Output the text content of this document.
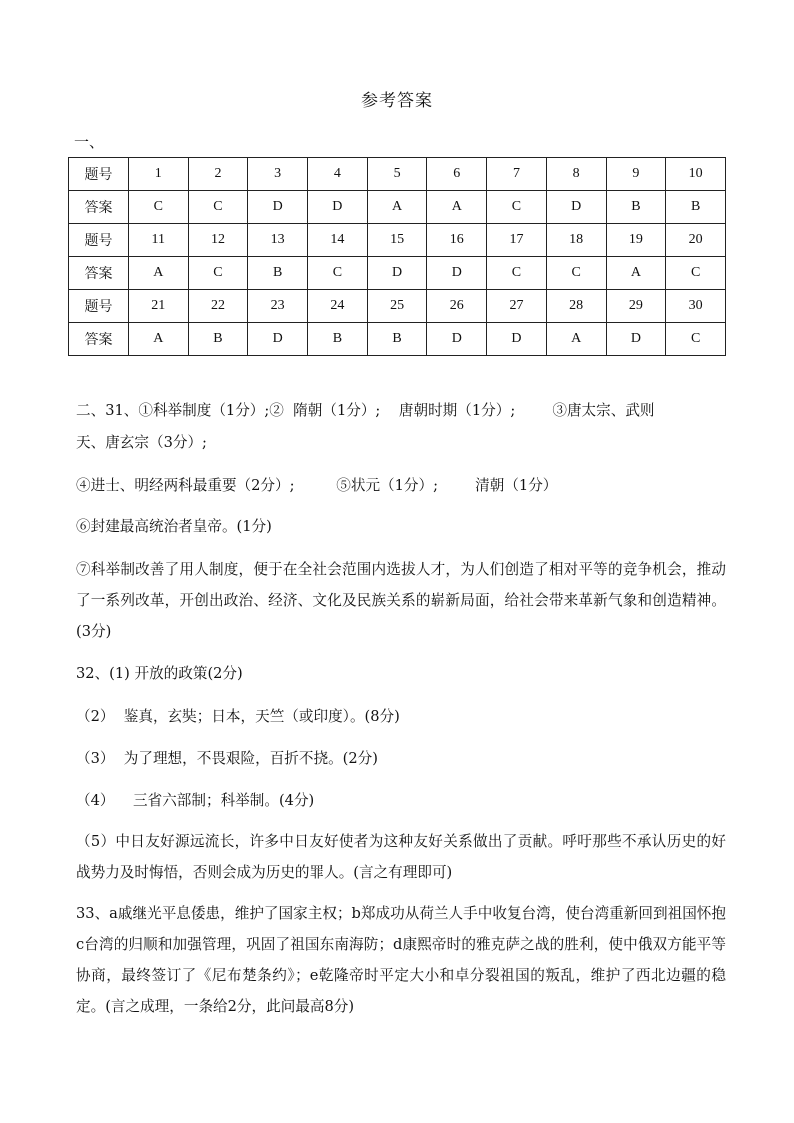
参考答案
一、
题号	1	2	3	4	5	6	7	8	9	10
答案	C	C	D	D	A	A	C	D	B	B
题号	11	12	13	14	15	16	17	18	19	20
答案	A	C	B	C	D	D	C	C	A	C
题号	21	22	23	24	25	26	27	28	29	30
答案	A	B	D	B	B	D	D	A	D	C
二、31、①科举制度（1分）;②  隋朝（1分）;    唐朝时期（1分）;        ③唐太宗、武则
天、唐玄宗（3分）;
④进士、明经两科最重要（2分）;         ⑤状元（1分）;        清朝（1分）
⑥封建最高统治者皇帝。(1分)
⑦科举制改善了用人制度，便于在全社会范围内选拔人才，为人们创造了相对平等的竞争机会，推动了一系列改革，开创出政治、经济、文化及民族关系的崭新局面，给社会带来革新气象和创造精神。(3分)
32、(1) 开放的政策(2分)
（2）  鉴真，玄奘；日本，天竺（或印度）。(8分)
（3）  为了理想，不畏艰险，百折不挠。(2分)
（4）    三省六部制；科举制。(4分)
（5）中日友好源远流长，许多中日友好使者为这种友好关系做出了贡献。呼吁那些不承认历史的好战势力及时悔悟，否则会成为历史的罪人。(言之有理即可)
33、a戚继光平息倭患，维护了国家主权；b郑成功从荷兰人手中收复台湾，使台湾重新回到祖国怀抱 c台湾的归顺和加强管理，巩固了祖国东南海防；d康熙帝时的雅克萨之战的胜利，使中俄双方能平等协商，最终签订了《尼布楚条约》；e乾隆帝时平定大小和卓分裂祖国的叛乱，维护了西北边疆的稳定。(言之成理，一条给2分，此问最高8分)
